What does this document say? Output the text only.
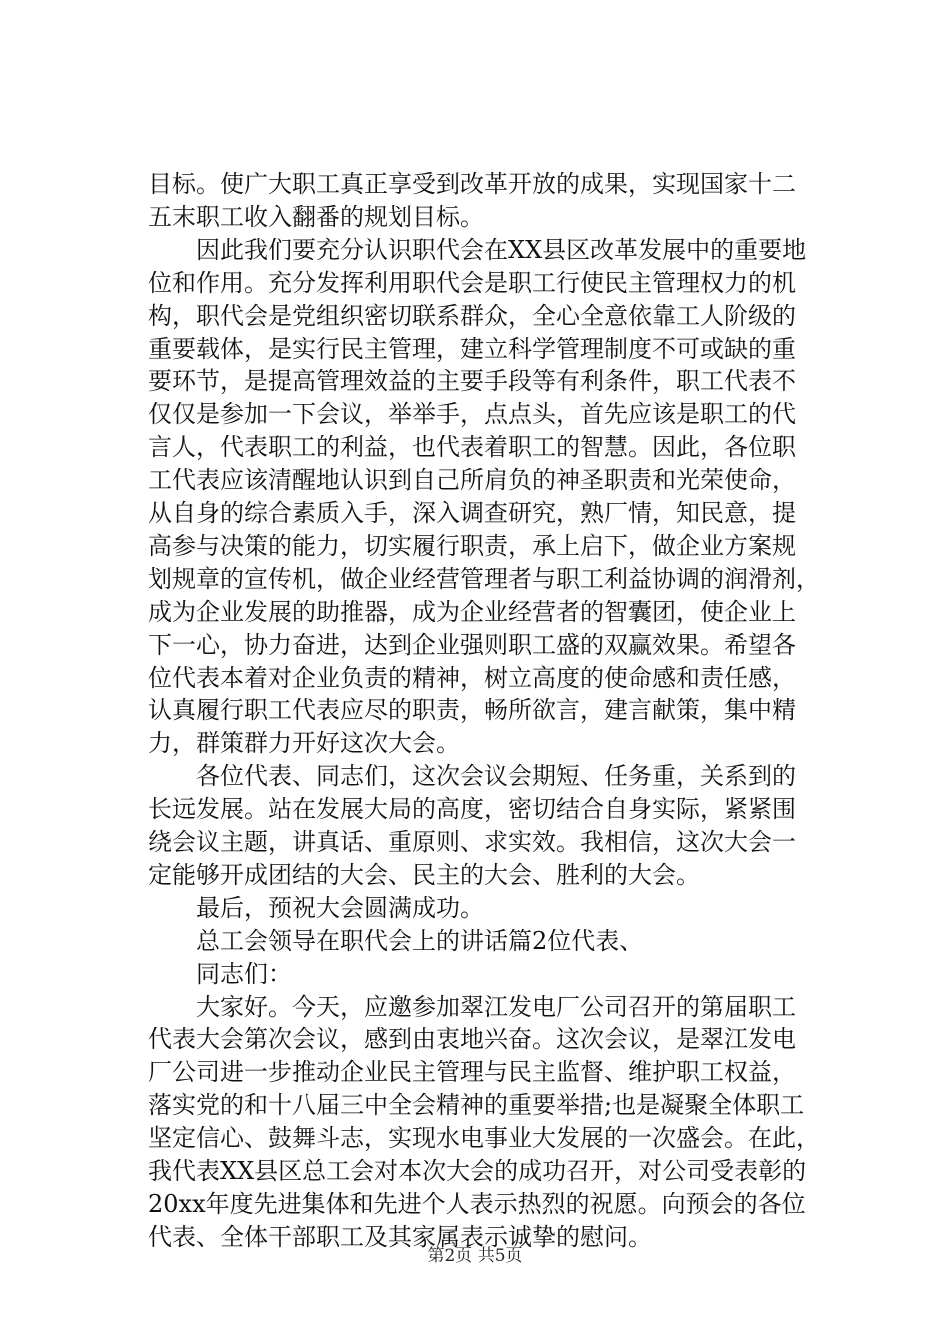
目标。使广大职工真正享受到改革开放的成果，实现国家十二
五末职工收入翻番的规划目标。
因此我们要充分认识职代会在XX县区改革发展中的重要地
位和作用。充分发挥利用职代会是职工行使民主管理权力的机
构，职代会是党组织密切联系群众，全心全意依靠工人阶级的
重要载体，是实行民主管理，建立科学管理制度不可或缺的重
要环节，是提高管理效益的主要手段等有利条件，职工代表不
仅仅是参加一下会议，举举手，点点头，首先应该是职工的代
言人，代表职工的利益，也代表着职工的智慧。因此，各位职
工代表应该清醒地认识到自己所肩负的神圣职责和光荣使命，
从自身的综合素质入手，深入调查研究，熟厂情，知民意，提
高参与决策的能力，切实履行职责，承上启下，做企业方案规
划规章的宣传机，做企业经营管理者与职工利益协调的润滑剂，
成为企业发展的助推器，成为企业经营者的智囊团，使企业上
下一心，协力奋进，达到企业强则职工盛的双赢效果。希望各
位代表本着对企业负责的精神，树立高度的使命感和责任感，
认真履行职工代表应尽的职责，畅所欲言，建言献策，集中精
力，群策群力开好这次大会。
各位代表、同志们，这次会议会期短、任务重，关系到的
长远发展。站在发展大局的高度，密切结合自身实际，紧紧围
绕会议主题，讲真话、重原则、求实效。我相信，这次大会一
定能够开成团结的大会、民主的大会、胜利的大会。
最后，预祝大会圆满成功。
总工会领导在职代会上的讲话篇2位代表、
同志们：
大家好。今天，应邀参加翠江发电厂公司召开的第届职工
代表大会第次会议，感到由衷地兴奋。这次会议，是翠江发电
厂公司进一步推动企业民主管理与民主监督、维护职工权益，
落实党的和十八届三中全会精神的重要举措;也是凝聚全体职工
坚定信心、鼓舞斗志，实现水电事业大发展的一次盛会。在此，
我代表XX县区总工会对本次大会的成功召开，对公司受表彰的
20xx年度先进集体和先进个人表示热烈的祝愿。向预会的各位
代表、全体干部职工及其家属表示诚挚的慰问。
第2页 共5页
